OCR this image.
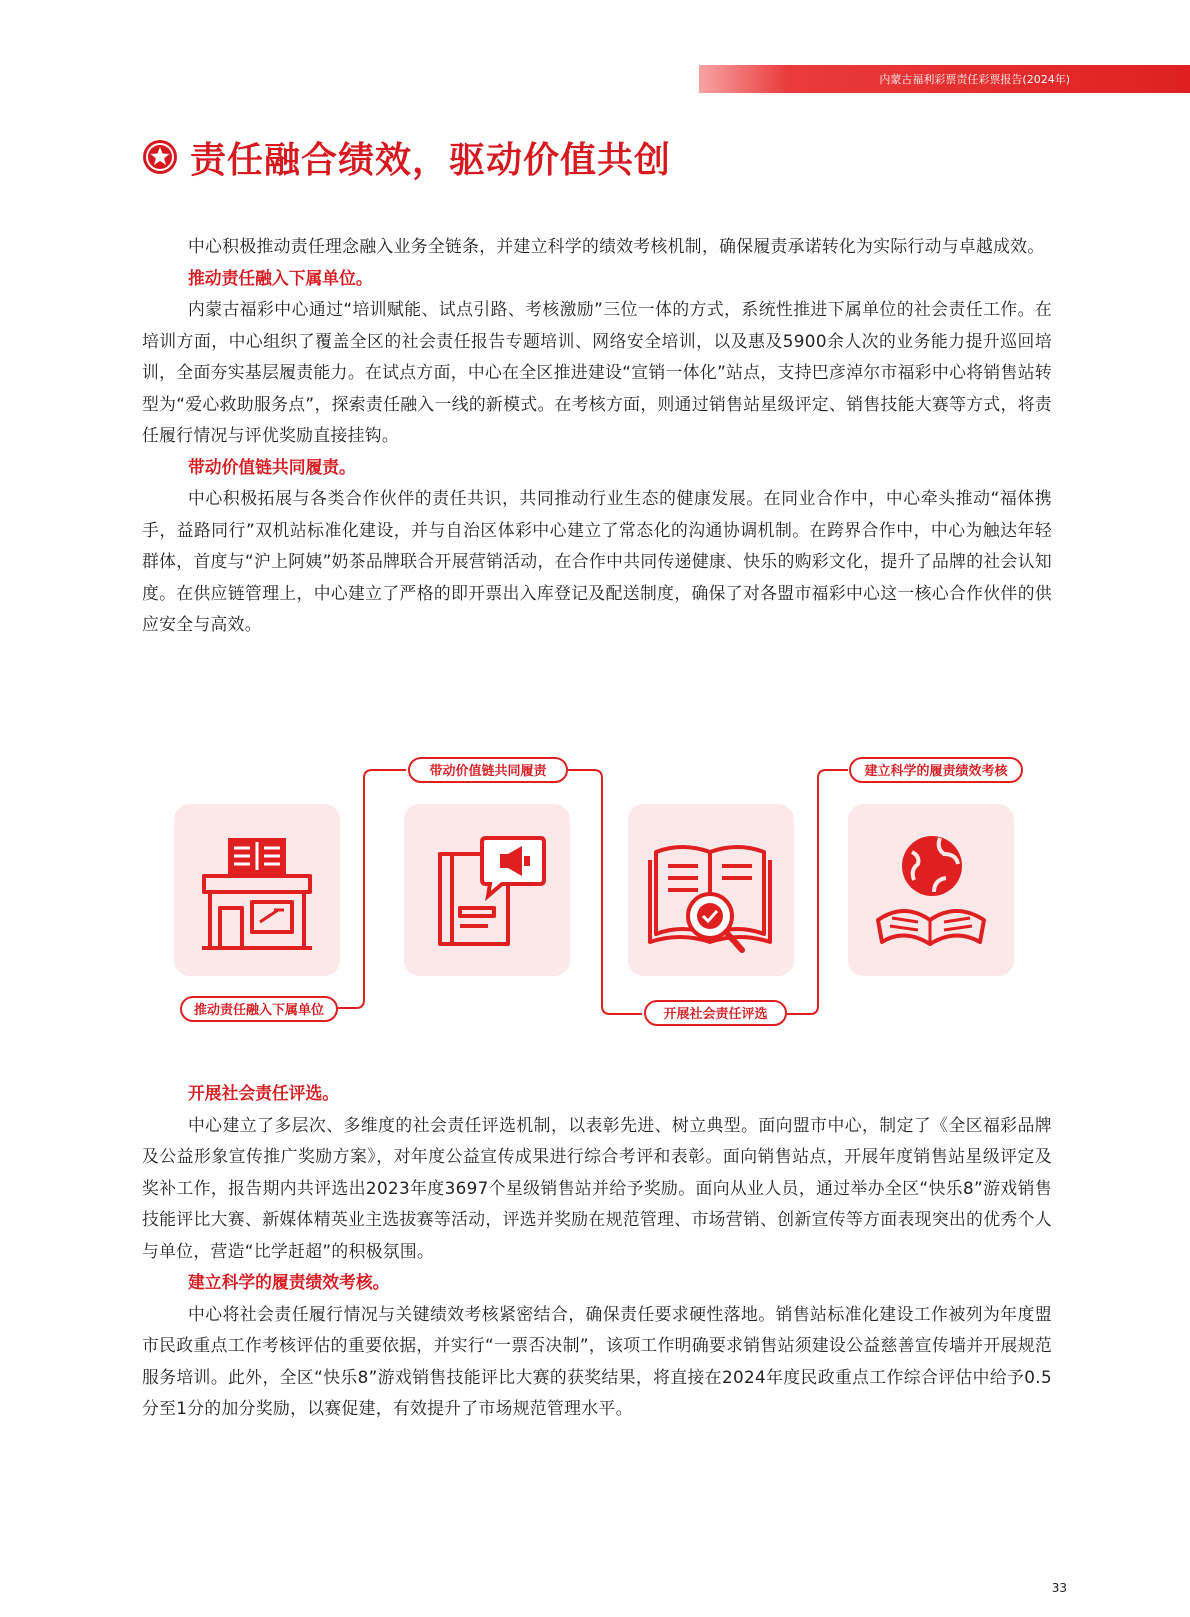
内蒙古福利彩票责任彩票报告(2024年)
责任融合绩效，驱动价值共创

中心积极推动责任理念融入业务全链条，并建立科学的绩效考核机制，确保履责承诺转化为实际行动与卓越成效。

推动责任融入下属单位。

内蒙古福彩中心通过“培训赋能、试点引路、考核激励”三位一体的方式，系统性推进下属单位的社会责任工作。在培训方面，中心组织了覆盖全区的社会责任报告专题培训、网络安全培训，以及惠及5900余人次的业务能力提升巡回培训，全面夯实基层履责能力。在试点方面，中心在全区推进建设“宣销一体化”站点，支持巴彦淖尔市福彩中心将销售站转型为“爱心救助服务点”，探索责任融入一线的新模式。在考核方面，则通过销售站星级评定、销售技能大赛等方式，将责任履行情况与评优奖励直接挂钩。

带动价值链共同履责。

中心积极拓展与各类合作伙伴的责任共识，共同推动行业生态的健康发展。在同业合作中，中心牵头推动“福体携手，益路同行”双机站标准化建设，并与自治区体彩中心建立了常态化的沟通协调机制。在跨界合作中，中心为触达年轻群体，首度与“沪上阿姨”奶茶品牌联合开展营销活动，在合作中共同传递健康、快乐的购彩文化，提升了品牌的社会认知度。在供应链管理上，中心建立了严格的即开票出入库登记及配送制度，确保了对各盟市福彩中心这一核心合作伙伴的供应安全与高效。

推动责任融入下属单位
带动价值链共同履责
开展社会责任评选
建立科学的履责绩效考核

开展社会责任评选。

中心建立了多层次、多维度的社会责任评选机制，以表彰先进、树立典型。面向盟市中心，制定了《全区福彩品牌及公益形象宣传推广奖励方案》，对年度公益宣传成果进行综合考评和表彰。面向销售站点，开展年度销售站星级评定及奖补工作，报告期内共评选出2023年度3697个星级销售站并给予奖励。面向从业人员，通过举办全区“快乐8”游戏销售技能评比大赛、新媒体精英业主选拔赛等活动，评选并奖励在规范管理、市场营销、创新宣传等方面表现突出的优秀个人与单位，营造“比学赶超”的积极氛围。

建立科学的履责绩效考核。

中心将社会责任履行情况与关键绩效考核紧密结合，确保责任要求硬性落地。销售站标准化建设工作被列为年度盟市民政重点工作考核评估的重要依据，并实行“一票否决制”，该项工作明确要求销售站须建设公益慈善宣传墙并开展规范服务培训。此外，全区“快乐8”游戏销售技能评比大赛的获奖结果，将直接在2024年度民政重点工作综合评估中给予0.5分至1分的加分奖励，以赛促建，有效提升了市场规范管理水平。

33
